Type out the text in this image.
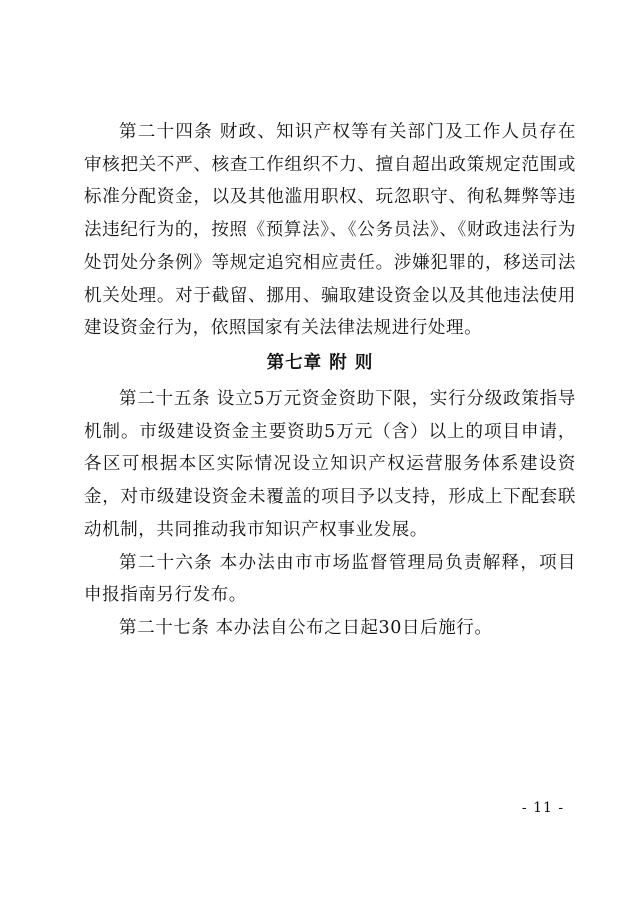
第二十四条 财政、知识产权等有关部门及工作人员存在审核把关不严、核查工作组织不力、擅自超出政策规定范围或标准分配资金，以及其他滥用职权、玩忽职守、徇私舞弊等违法违纪行为的，按照《预算法》、《公务员法》、《财政违法行为处罚处分条例》等规定追究相应责任。涉嫌犯罪的，移送司法机关处理。对于截留、挪用、骗取建设资金以及其他违法使用建设资金行为，依照国家有关法律法规进行处理。

第七章 附 则

第二十五条 设立5万元资金资助下限，实行分级政策指导机制。市级建设资金主要资助5万元（含）以上的项目申请，各区可根据本区实际情况设立知识产权运营服务体系建设资金，对市级建设资金未覆盖的项目予以支持，形成上下配套联动机制，共同推动我市知识产权事业发展。

第二十六条 本办法由市市场监督管理局负责解释，项目申报指南另行发布。

第二十七条 本办法自公布之日起30日后施行。

- 11 -
